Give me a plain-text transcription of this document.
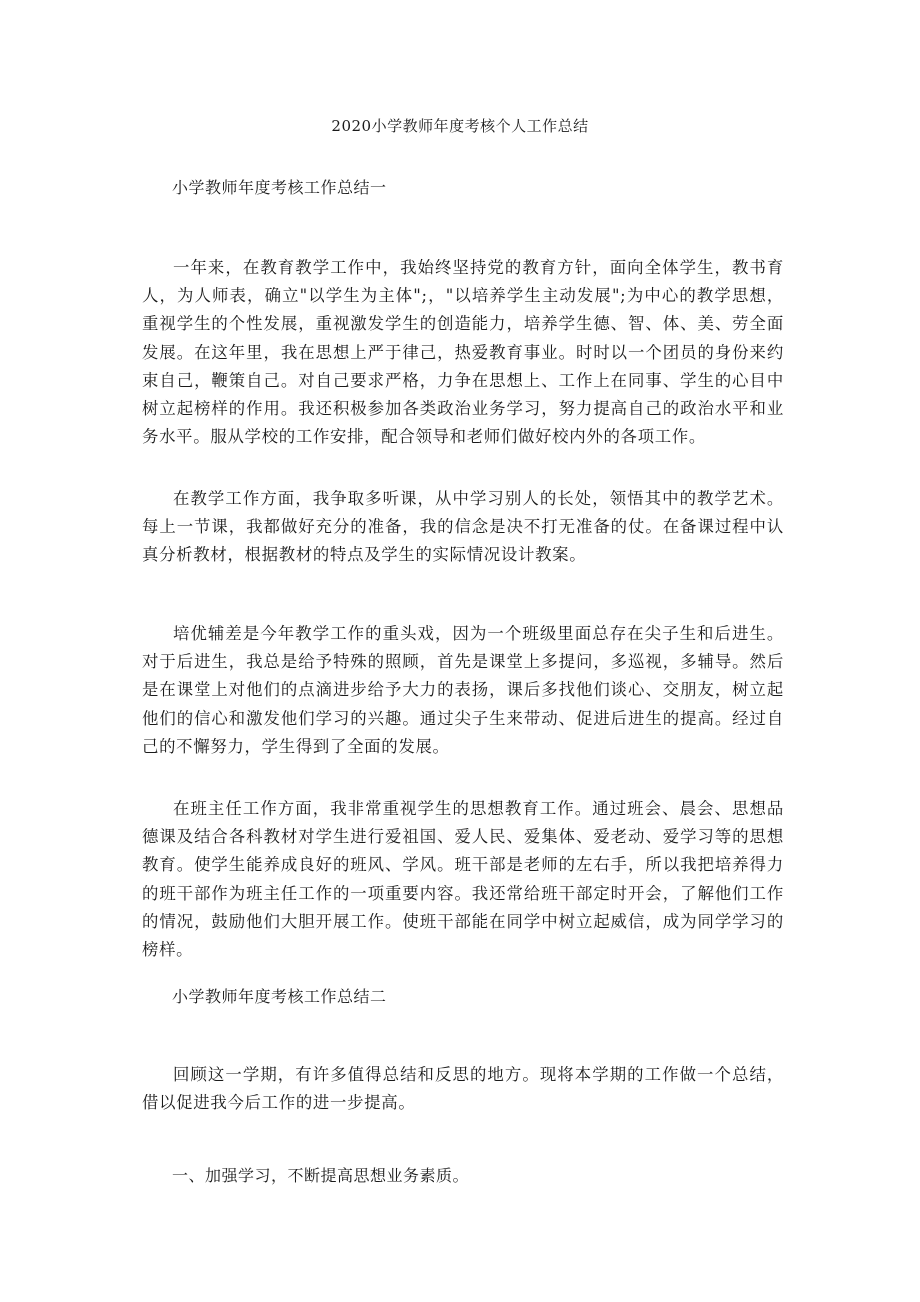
2020小学教师年度考核个人工作总结
小学教师年度考核工作总结一

一年来，在教育教学工作中，我始终坚持党的教育方针，面向全体学生，教书育人，为人师表，确立"以学生为主体";，"以培养学生主动发展";为中心的教学思想，重视学生的个性发展，重视激发学生的创造能力，培养学生德、智、体、美、劳全面发展。在这年里，我在思想上严于律己，热爱教育事业。时时以一个团员的身份来约束自己，鞭策自己。对自己要求严格，力争在思想上、工作上在同事、学生的心目中树立起榜样的作用。我还积极参加各类政治业务学习，努力提高自己的政治水平和业务水平。服从学校的工作安排，配合领导和老师们做好校内外的各项工作。

在教学工作方面，我争取多听课，从中学习别人的长处，领悟其中的教学艺术。每上一节课，我都做好充分的准备，我的信念是决不打无准备的仗。在备课过程中认真分析教材，根据教材的特点及学生的实际情况设计教案。

培优辅差是今年教学工作的重头戏，因为一个班级里面总存在尖子生和后进生。对于后进生，我总是给予特殊的照顾，首先是课堂上多提问，多巡视，多辅导。然后是在课堂上对他们的点滴进步给予大力的表扬，课后多找他们谈心、交朋友，树立起他们的信心和激发他们学习的兴趣。通过尖子生来带动、促进后进生的提高。经过自己的不懈努力，学生得到了全面的发展。

在班主任工作方面，我非常重视学生的思想教育工作。通过班会、晨会、思想品德课及结合各科教材对学生进行爱祖国、爱人民、爱集体、爱老动、爱学习等的思想教育。使学生能养成良好的班风、学风。班干部是老师的左右手，所以我把培养得力的班干部作为班主任工作的一项重要内容。我还常给班干部定时开会，了解他们工作的情况，鼓励他们大胆开展工作。使班干部能在同学中树立起威信，成为同学学习的榜样。

小学教师年度考核工作总结二

回顾这一学期，有许多值得总结和反思的地方。现将本学期的工作做一个总结，借以促进我今后工作的进一步提高。

一、加强学习，不断提高思想业务素质。
